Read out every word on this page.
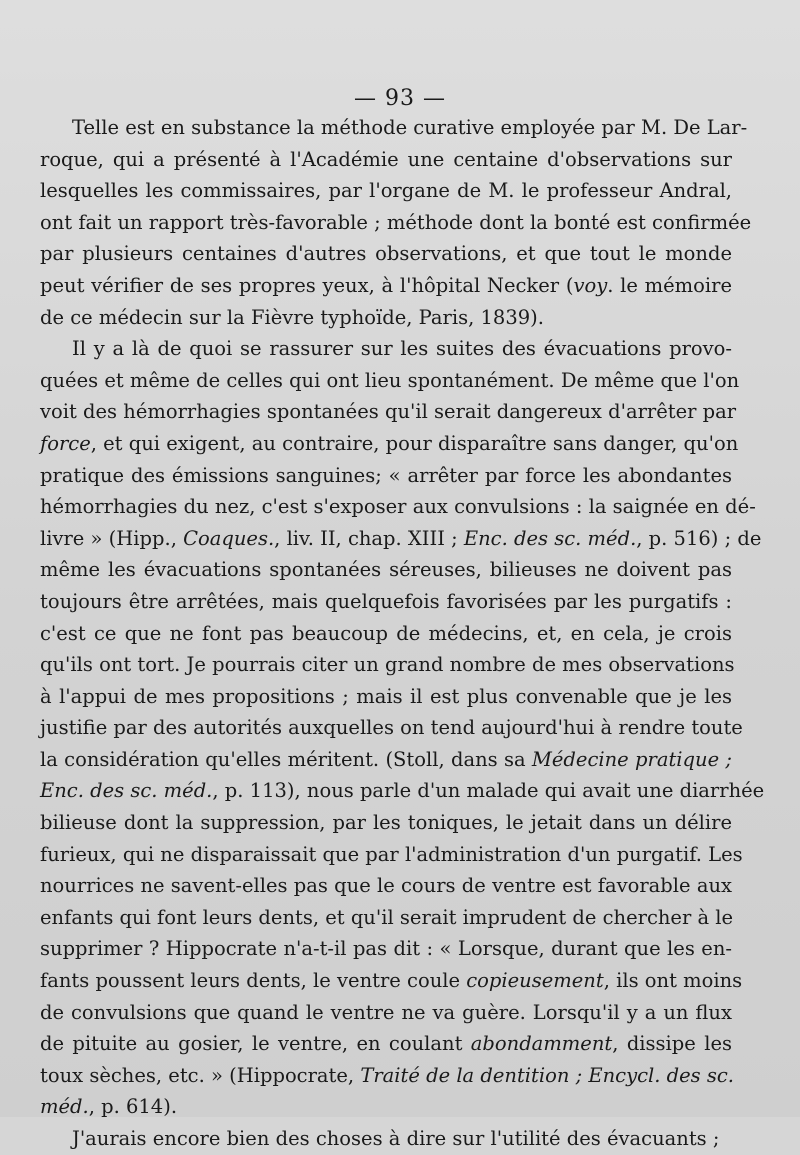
— 93 —
Telle est en substance la méthode curative employée par M. De Lar-
roque, qui a présenté à l'Académie une centaine d'observations sur
lesquelles les commissaires, par l'organe de M. le professeur Andral,
ont fait un rapport très-favorable ; méthode dont la bonté est confirmée
par plusieurs centaines d'autres observations, et que tout le monde
peut vérifier de ses propres yeux, à l'hôpital Necker (voy. le mémoire
de ce médecin sur la Fièvre typhoïde, Paris, 1839).
Il y a là de quoi se rassurer sur les suites des évacuations provo-
quées et même de celles qui ont lieu spontanément. De même que l'on
voit des hémorrhagies spontanées qu'il serait dangereux d'arrêter par
force, et qui exigent, au contraire, pour disparaître sans danger, qu'on
pratique des émissions sanguines; « arrêter par force les abondantes
hémorrhagies du nez, c'est s'exposer aux convulsions : la saignée en dé-
livre » (Hipp., Coaques., liv. II, chap. XIII ; Enc. des sc. méd., p. 516) ; de
même les évacuations spontanées séreuses, bilieuses ne doivent pas
toujours être arrêtées, mais quelquefois favorisées par les purgatifs :
c'est ce que ne font pas beaucoup de médecins, et, en cela, je crois
qu'ils ont tort. Je pourrais citer un grand nombre de mes observations
à l'appui de mes propositions ; mais il est plus convenable que je les
justifie par des autorités auxquelles on tend aujourd'hui à rendre toute
la considération qu'elles méritent. (Stoll, dans sa Médecine pratique ;
Enc. des sc. méd., p. 113), nous parle d'un malade qui avait une diarrhée
bilieuse dont la suppression, par les toniques, le jetait dans un délire
furieux, qui ne disparaissait que par l'administration d'un purgatif. Les
nourrices ne savent-elles pas que le cours de ventre est favorable aux
enfants qui font leurs dents, et qu'il serait imprudent de chercher à le
supprimer ? Hippocrate n'a-t-il pas dit : « Lorsque, durant que les en-
fants poussent leurs dents, le ventre coule copieusement, ils ont moins
de convulsions que quand le ventre ne va guère. Lorsqu'il y a un flux
de pituite au gosier, le ventre, en coulant abondamment, dissipe les
toux sèches, etc. » (Hippocrate, Traité de la dentition ; Encycl. des sc.
méd., p. 614).
J'aurais encore bien des choses à dire sur l'utilité des évacuants ;
